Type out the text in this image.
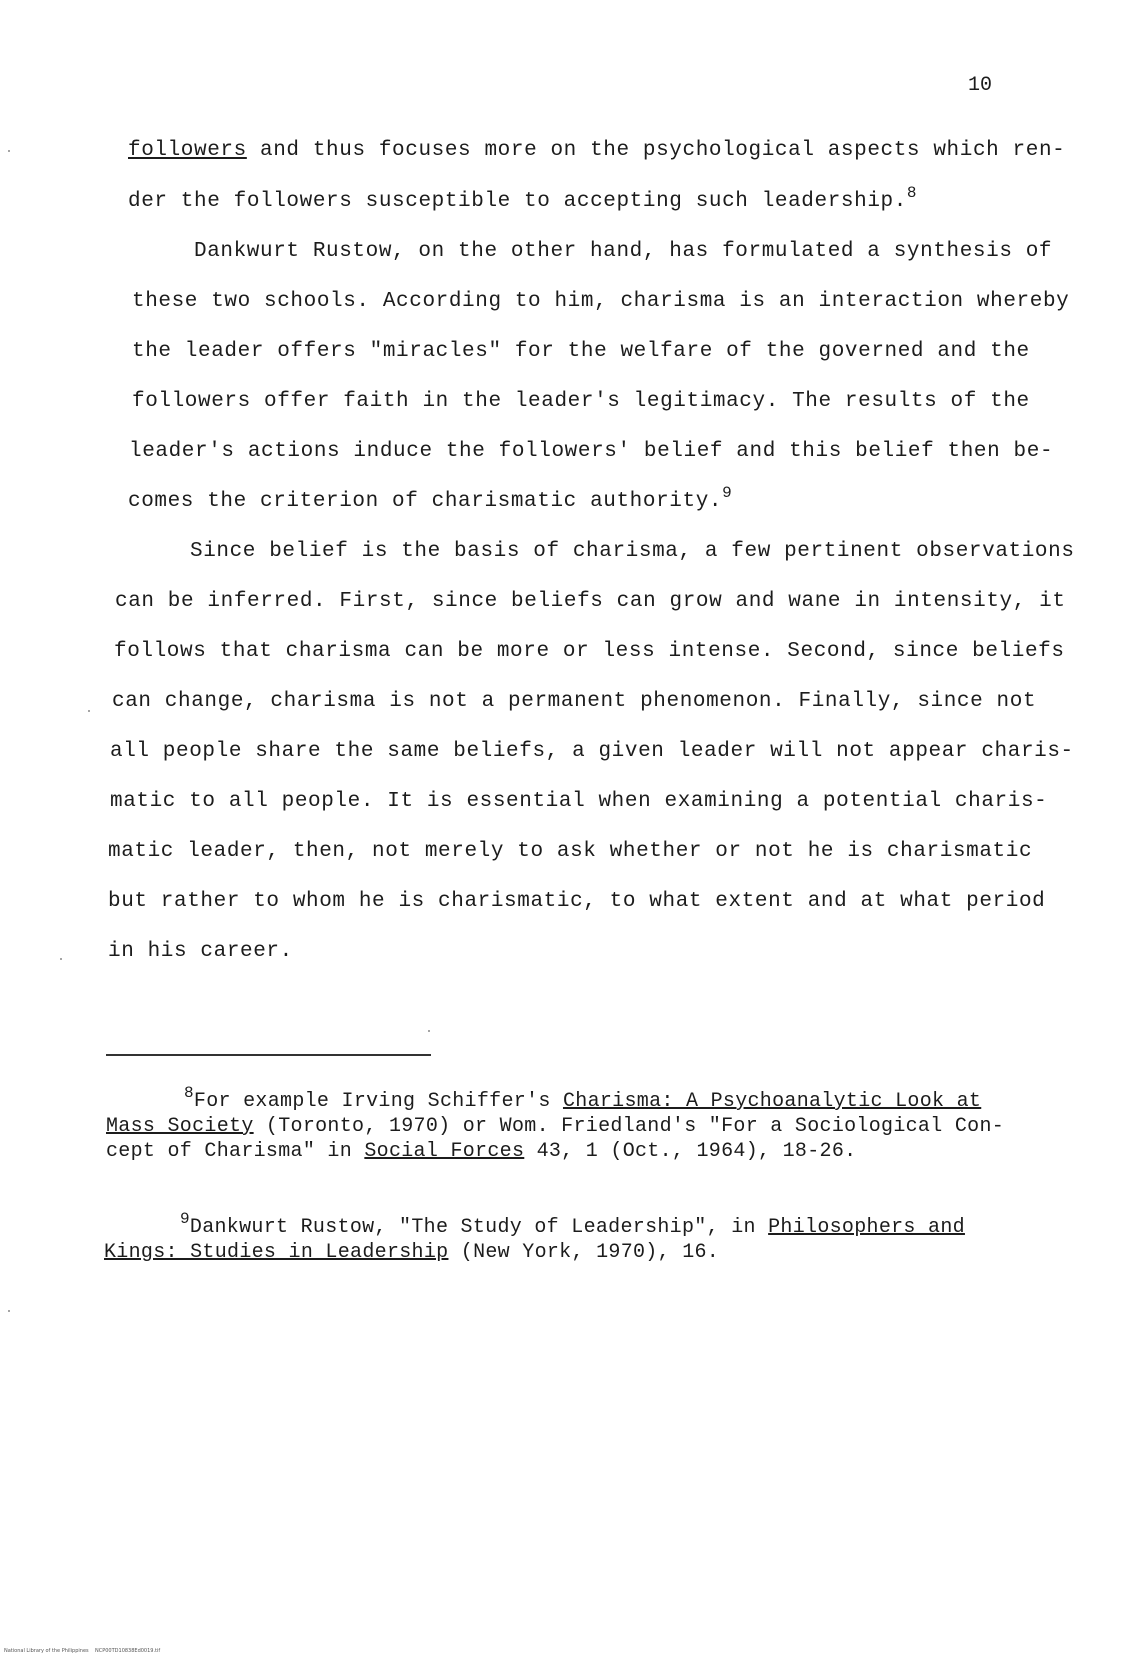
10
followers and thus focuses more on the psychological aspects which ren-
der the followers susceptible to accepting such leadership.$^8$
Dankwurt Rustow, on the other hand, has formulated a synthesis of
these two schools. According to him, charisma is an interaction whereby
the leader offers "miracles" for the welfare of the governed and the
followers offer faith in the leader's legitimacy. The results of the
leader's actions induce the followers' belief and this belief then be-
comes the criterion of charismatic authority.$^9$
Since belief is the basis of charisma, a few pertinent observations
can be inferred. First, since beliefs can grow and wane in intensity, it
follows that charisma can be more or less intense. Second, since beliefs
can change, charisma is not a permanent phenomenon. Finally, since not
all people share the same beliefs, a given leader will not appear charis-
matic to all people. It is essential when examining a potential charis-
matic leader, then, not merely to ask whether or not he is charismatic
but rather to whom he is charismatic, to what extent and at what period
in his career.
$^8$For example Irving Schiffer's Charisma: A Psychoanalytic Look at
Mass Society (Toronto, 1970) or Wom. Friedland's "For a Sociological Con-
cept of Charisma" in Social Forces 43, 1 (Oct., 1964), 18-26.
$^9$Dankwurt Rustow, "The Study of Leadership", in Philosophers and
Kings: Studies in Leadership (New York, 1970), 16.
National Library of the Philippines    NCP00TD10838Ed0019.tif
